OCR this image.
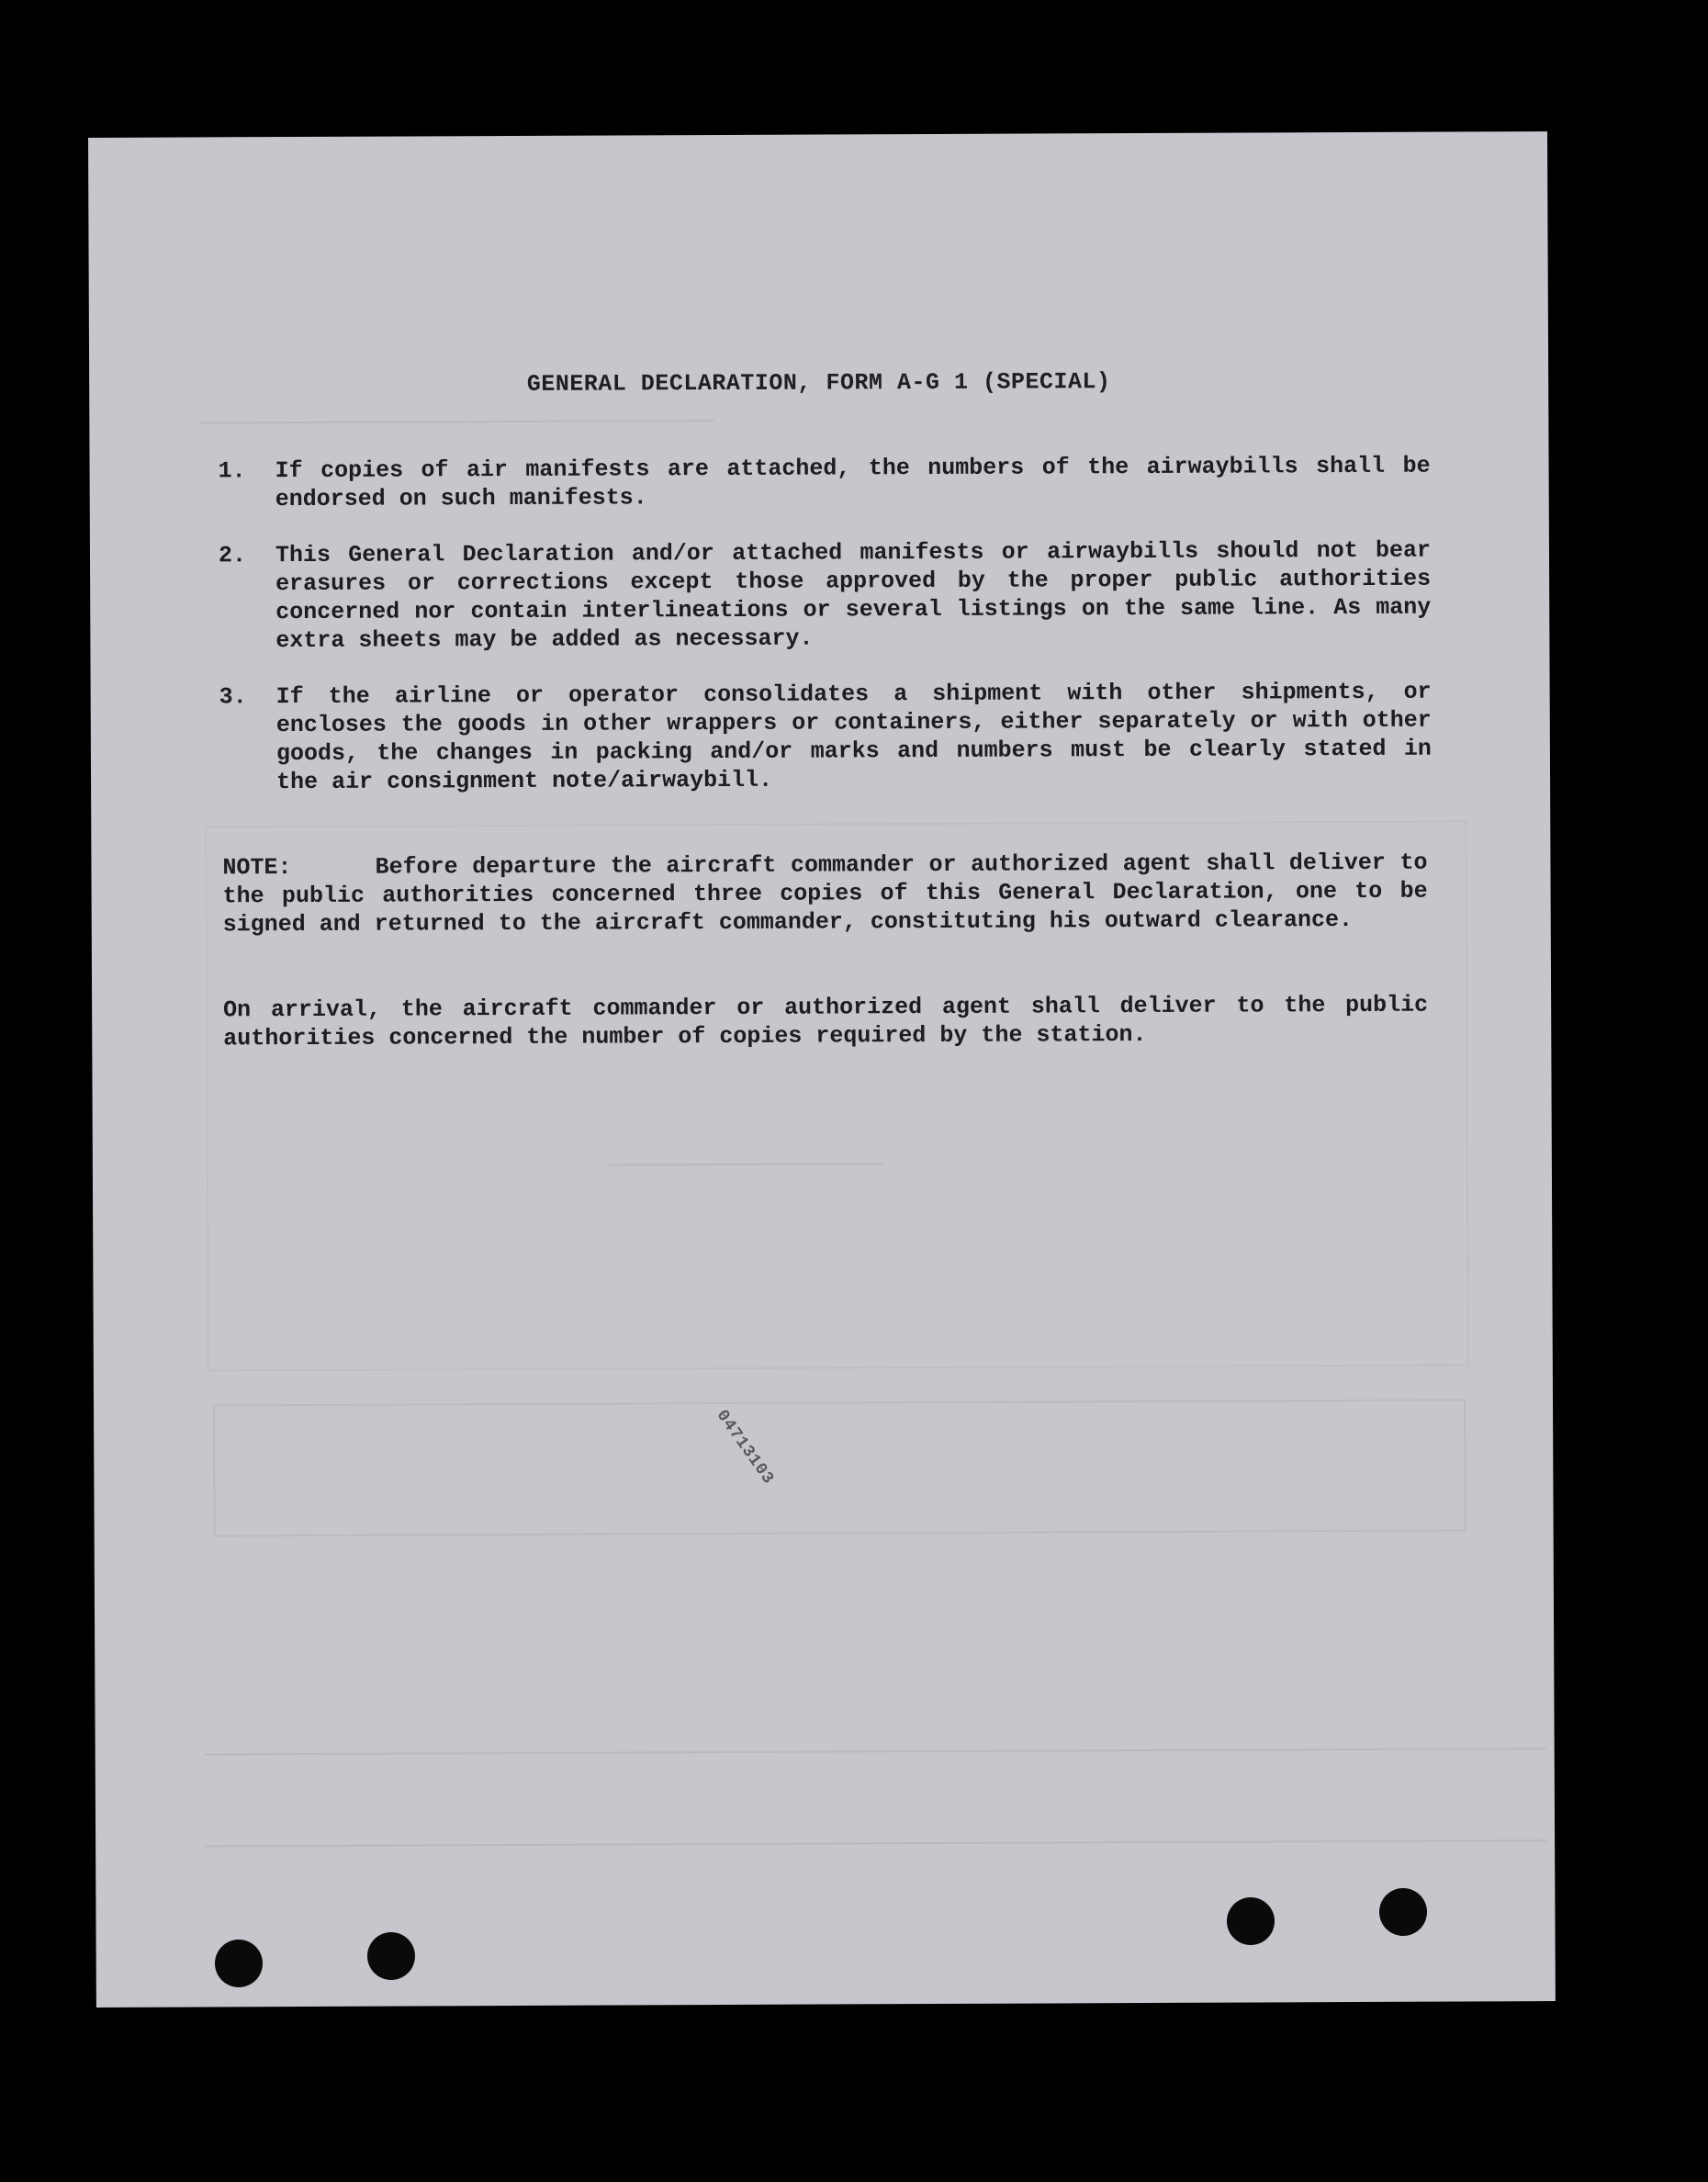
GENERAL DECLARATION, FORM A-G 1 (SPECIAL)
1. If copies of air manifests are attached, the numbers of the airwaybills shall be endorsed on such manifests.
2. This General Declaration and/or attached manifests or airwaybills should not bear erasures or corrections except those approved by the proper public authorities concerned nor contain interlineations or several listings on the same line. As many extra sheets may be added as necessary.
3. If the airline or operator consolidates a shipment with other shipments, or encloses the goods in other wrappers or containers, either separately or with other goods, the changes in packing and/or marks and numbers must be clearly stated in the air consignment note/airwaybill.
NOTE:	Before departure the aircraft commander or authorized agent shall deliver to the public authorities concerned three copies of this General Declaration, one to be signed and returned to the aircraft commander, constituting his outward clearance.
On arrival, the aircraft commander or authorized agent shall deliver to the public authorities concerned the number of copies required by the station.
04713103
